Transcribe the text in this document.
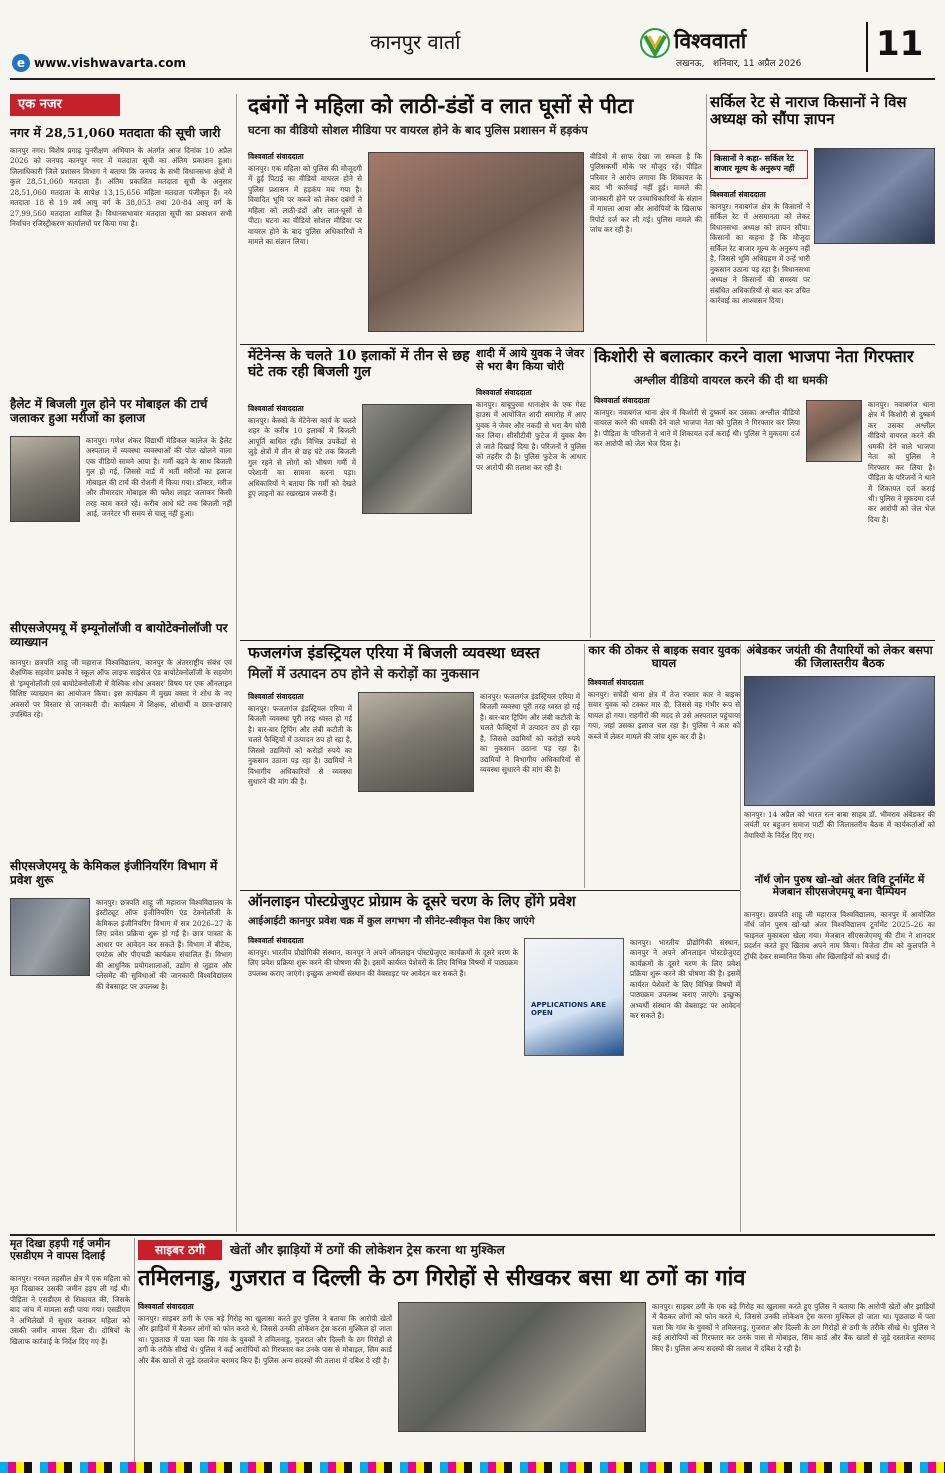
e www.vishwavarta.com
कानपुर वार्ता	विश्ववार्ता
लखनऊ,   शनिवार, 11 अप्रैल 2026 11
एक नजर
नगर में 28,51,060 मतदाता की सूची जारी
कानपुर नगर। विशेष प्रगाढ़ पुनरीक्षण अभियान के अंतर्गत आज दिनांक 10 अप्रैल 2026 को जनपद कानपुर नगर में मतदाता सूची का अंतिम प्रकाशन हुआ। जिलाधिकारी जिले प्रशासन विभाग ने बताया कि जनपद के सभी विधानसभा क्षेत्रों में कुल 28,51,060 मतदाता हैं। अंतिम प्रकाशित मतदाता सूची के अनुसार 28,51,060 मतदाता के सापेक्ष 13,15,656 महिला मतदाता पंजीकृत हैं। नये मतदाता 18 से 19 वर्ष आयु वर्ग के 38,053 तथा 20-84 आयु वर्ग के 27,99,560 मतदाता शामिल हैं। विधानसभावार मतदाता सूची का प्रकाशन सभी निर्वाचन रजिस्ट्रीकरण कार्यालयों पर किया गया है।
हैलेट में बिजली गुल होने पर मोबाइल की टार्च जलाकर हुआ मरीजों का इलाज
कानपुर। गणेश शंकर विद्यार्थी मेडिकल कालेज के हैलेट अस्पताल में व्यवस्था व्यवस्थाओं की पोल खोलने वाला एक वीडियो सामने आया है। गर्मी बढ़ने के साथ बिजली गुल हो गई, जिससे वार्ड में भर्ती मरीजों का इलाज मोबाइल की टार्च की रोशनी में किया गया। डॉक्टर, मरीज और तीमारदार मोबाइल की फ्लैश लाइट जलाकर किसी तरह काम करते रहे। करीब आधे घंटे तक बिजली नहीं आई, जनरेटर भी समय से चालू नहीं हुआ।
सीएसजेएमयू में इम्यूनोलॉजी व बायोटेक्नोलॉजी पर व्याख्यान
कानपुर। छत्रपति शाहू जी महाराज विश्वविद्यालय, कानपुर के अंतरराष्ट्रीय संबंध एवं शैक्षणिक सहयोग प्रकोष्ठ ने स्कूल ऑफ लाइफ साइंसेज एंड बायोटेक्नोलॉजी के सहयोग से 'इम्यूनोलॉजी एवं बायोटेक्नोलॉजी में वैश्विक शोध अवसर' विषय पर एक ऑनलाइन विशिष्ट व्याख्यान का आयोजन किया। इस कार्यक्रम में मुख्य वक्ता ने शोध के नए अवसरों पर विस्तार से जानकारी दी। कार्यक्रम में शिक्षक, शोधार्थी व छात्र-छात्राएं उपस्थित रहे।
सीएसजेएमयू के केमिकल इंजीनियरिंग विभाग में प्रवेश शुरू
कानपुर। छत्रपति शाहू जी महाराज विश्वविद्यालय के इंस्टीट्यूट ऑफ इंजीनियरिंग एंड टेक्नोलॉजी के केमिकल इंजीनियरिंग विभाग में सत्र 2026–27 के लिए प्रवेश प्रक्रिया शुरू हो गई है। छात्र पात्रता के आधार पर आवेदन कर सकते हैं। विभाग में बीटेक, एमटेक और पीएचडी कार्यक्रम संचालित हैं। विभाग की आधुनिक प्रयोगशालाओं, उद्योग से जुड़ाव और प्लेसमेंट की सुविधाओं की जानकारी विश्वविद्यालय की वेबसाइट पर उपलब्ध है।
दबंगों ने महिला को लाठी-डंडों व लात घूसों से पीटा
घटना का वीडियो सोशल मीडिया पर वायरल होने के बाद पुलिस प्रशासन में हड़कंप
विश्ववार्ता संवाददाता
कानपुर। एक महिला को पुलिस की मौजूदगी में हुई पिटाई का वीडियो वायरल होने से पुलिस प्रशासन में हड़कंप मच गया है। विवादित भूमि पर कब्जे को लेकर दबंगों ने महिला को लाठी-डंडों और लात-घूसों से पीटा। घटना का वीडियो सोशल मीडिया पर वायरल होने के बाद पुलिस अधिकारियों ने मामले का संज्ञान लिया।
वीडियो में साफ देखा जा सकता है कि पुलिसकर्मी मौके पर मौजूद रहे। पीड़ित परिवार ने आरोप लगाया कि शिकायत के बाद भी कार्रवाई नहीं हुई। मामले की जानकारी होने पर उच्चाधिकारियों के संज्ञान में मामला आया और आरोपियों के खिलाफ रिपोर्ट दर्ज कर ली गई। पुलिस मामले की जांच कर रही है।
सर्किल रेट से नाराज किसानों ने विस अध्यक्ष को सौंपा ज्ञापन
किसानों ने कहा- सर्किल रेट बाजार मूल्य के अनुरूप नहीं
विश्ववार्ता संवाददाता
कानपुर। नवाबगंज क्षेत्र के किसानों ने सर्किल रेट में असमानता को लेकर विधानसभा अध्यक्ष को ज्ञापन सौंपा। किसानों का कहना है कि मौजूदा सर्किल रेट बाजार मूल्य के अनुरूप नहीं है, जिससे भूमि अधिग्रहण में उन्हें भारी नुकसान उठाना पड़ रहा है। विधानसभा अध्यक्ष ने किसानों की समस्या पर संबंधित अधिकारियों से बात कर उचित कार्रवाई का आश्वासन दिया।
मेंटेनेन्स के चलते 10 इलाकों में तीन से छह घंटे तक रही बिजली गुल
विश्ववार्ता संवाददाता
कानपुर। केस्को के मेंटेनेन्स कार्य के चलते शहर के करीब 10 इलाकों में बिजली आपूर्ति बाधित रही। विभिन्न उपकेंद्रों से जुड़े क्षेत्रों में तीन से छह घंटे तक बिजली गुल रहने से लोगों को भीषण गर्मी में परेशानी का सामना करना पड़ा। अधिकारियों ने बताया कि गर्मी को देखते हुए लाइनों का रखरखाव जरूरी है।
शादी में आये युवक ने जेवर से भरा बैग किया चोरी
विश्ववार्ता संवाददाता
कानपुर। बाबूपुरवा थानाक्षेत्र के एक गेस्ट हाउस में आयोजित शादी समारोह में आए युवक ने जेवर और नकदी से भरा बैग चोरी कर लिया। सीसीटीवी फुटेज में युवक बैग ले जाते दिखाई दिया है। परिजनों ने पुलिस को तहरीर दी है। पुलिस फुटेज के आधार पर आरोपी की तलाश कर रही है।
किशोरी से बलात्कार करने वाला भाजपा नेता गिरफ्तार
अश्लील वीडियो वायरल करने की दी था धमकी
विश्ववार्ता संवाददाता
कानपुर। नवाबगंज थाना क्षेत्र में किशोरी से दुष्कर्म कर उसका अश्लील वीडियो वायरल करने की धमकी देने वाले भाजपा नेता को पुलिस ने गिरफ्तार कर लिया है। पीड़िता के परिजनों ने थाने में शिकायत दर्ज कराई थी। पुलिस ने मुकदमा दर्ज कर आरोपी को जेल भेज दिया है।
कानपुर। नवाबगंज थाना क्षेत्र में किशोरी से दुष्कर्म कर उसका अश्लील वीडियो वायरल करने की धमकी देने वाले भाजपा नेता को पुलिस ने गिरफ्तार कर लिया है। पीड़िता के परिजनों ने थाने में शिकायत दर्ज कराई थी। पुलिस ने मुकदमा दर्ज कर आरोपी को जेल भेज दिया है।
फजलगंज इंडस्ट्रियल एरिया में बिजली व्यवस्था ध्वस्त
मिलों में उत्पादन ठप होने से करोड़ों का नुकसान
विश्ववार्ता संवाददाता
कानपुर। फजलगंज इंडस्ट्रियल एरिया में बिजली व्यवस्था पूरी तरह ध्वस्त हो गई है। बार-बार ट्रिपिंग और लंबी कटौती के चलते फैक्ट्रियों में उत्पादन ठप हो रहा है, जिससे उद्यमियों को करोड़ों रुपये का नुकसान उठाना पड़ रहा है। उद्यमियों ने विभागीय अधिकारियों से व्यवस्था सुधारने की मांग की है।
कानपुर। फजलगंज इंडस्ट्रियल एरिया में बिजली व्यवस्था पूरी तरह ध्वस्त हो गई है। बार-बार ट्रिपिंग और लंबी कटौती के चलते फैक्ट्रियों में उत्पादन ठप हो रहा है, जिससे उद्यमियों को करोड़ों रुपये का नुकसान उठाना पड़ रहा है। उद्यमियों ने विभागीय अधिकारियों से व्यवस्था सुधारने की मांग की है।
कार की ठोकर से बाइक सवार युवक घायल
विश्ववार्ता संवाददाता
कानपुर। सचेंडी थाना क्षेत्र में तेज रफ्तार कार ने बाइक सवार युवक को टक्कर मार दी, जिससे वह गंभीर रूप से घायल हो गया। राहगीरों की मदद से उसे अस्पताल पहुंचाया गया, जहां उसका इलाज चल रहा है। पुलिस ने कार को कब्जे में लेकर मामले की जांच शुरू कर दी है।
अंबेडकर जयंती की तैयारियों को लेकर बसपा की जिलास्तरीय बैठक
कानपुर। 14 अप्रैल को भारत रत्न बाबा साहब डॉ. भीमराव अंबेडकर की जयंती पर बहुजन समाज पार्टी की जिलास्तरीय बैठक में कार्यकर्ताओं को तैयारियों के निर्देश दिए गए।
नॉर्थ जोन पुरुष खो-खो अंतर विवि टूर्नामेंट में मेजबान सीएसजेएमयू बना चैम्पियन
कानपुर। छत्रपति शाहू जी महाराज विश्वविद्यालय, कानपुर में आयोजित नॉर्थ जोन पुरुष खो-खो अंतर विश्वविद्यालय टूर्नामेंट 2025–26 का फाइनल मुकाबला खेला गया। मेजबान सीएसजेएमयू की टीम ने शानदार प्रदर्शन करते हुए खिताब अपने नाम किया। विजेता टीम को कुलपति ने ट्रॉफी देकर सम्मानित किया और खिलाड़ियों को बधाई दी।
ऑनलाइन पोस्टग्रेजुएट प्रोग्राम के दूसरे चरण के लिए होंगे प्रवेश
आईआईटी कानपुर प्रवेश चक्र में कुल लगभग नौ सीनेट-स्वीकृत पेश किए जाएंगे
विश्ववार्ता संवाददाता
कानपुर। भारतीय प्रौद्योगिकी संस्थान, कानपुर ने अपने ऑनलाइन पोस्टग्रेजुएट कार्यक्रमों के दूसरे चरण के लिए प्रवेश प्रक्रिया शुरू करने की घोषणा की है। इसमें कार्यरत पेशेवरों के लिए विभिन्न विषयों में पाठ्यक्रम उपलब्ध कराए जाएंगे। इच्छुक अभ्यर्थी संस्थान की वेबसाइट पर आवेदन कर सकते हैं।
APPLICATIONS ARE OPEN
कानपुर। भारतीय प्रौद्योगिकी संस्थान, कानपुर ने अपने ऑनलाइन पोस्टग्रेजुएट कार्यक्रमों के दूसरे चरण के लिए प्रवेश प्रक्रिया शुरू करने की घोषणा की है। इसमें कार्यरत पेशेवरों के लिए विभिन्न विषयों में पाठ्यक्रम उपलब्ध कराए जाएंगे। इच्छुक अभ्यर्थी संस्थान की वेबसाइट पर आवेदन कर सकते हैं।
मृत दिखा हड़पी गई जमीन एसडीएम ने वापस दिलाई
कानपुर। नरवल तहसील क्षेत्र में एक महिला को मृत दिखाकर उसकी जमीन हड़प ली गई थी। पीड़िता ने एसडीएम से शिकायत की, जिसके बाद जांच में मामला सही पाया गया। एसडीएम ने अभिलेखों में सुधार कराकर महिला को उसकी जमीन वापस दिला दी। दोषियों के खिलाफ कार्रवाई के निर्देश दिए गए हैं।
साइबर ठगी	खेतों और झाड़ियों में ठगों की लोकेशन ट्रेस करना था मुश्किल
तमिलनाडु, गुजरात व दिल्ली के ठग गिरोहों से सीखकर बसा था ठगों का गांव
विश्ववार्ता संवाददाता
कानपुर। साइबर ठगी के एक बड़े गिरोह का खुलासा करते हुए पुलिस ने बताया कि आरोपी खेतों और झाड़ियों में बैठकर लोगों को फोन करते थे, जिससे उनकी लोकेशन ट्रेस करना मुश्किल हो जाता था। पूछताछ में पता चला कि गांव के युवकों ने तमिलनाडु, गुजरात और दिल्ली के ठग गिरोहों से ठगी के तरीके सीखे थे। पुलिस ने कई आरोपियों को गिरफ्तार कर उनके पास से मोबाइल, सिम कार्ड और बैंक खातों से जुड़े दस्तावेज बरामद किए हैं। पुलिस अन्य सदस्यों की तलाश में दबिश दे रही है।
कानपुर। साइबर ठगी के एक बड़े गिरोह का खुलासा करते हुए पुलिस ने बताया कि आरोपी खेतों और झाड़ियों में बैठकर लोगों को फोन करते थे, जिससे उनकी लोकेशन ट्रेस करना मुश्किल हो जाता था। पूछताछ में पता चला कि गांव के युवकों ने तमिलनाडु, गुजरात और दिल्ली के ठग गिरोहों से ठगी के तरीके सीखे थे। पुलिस ने कई आरोपियों को गिरफ्तार कर उनके पास से मोबाइल, सिम कार्ड और बैंक खातों से जुड़े दस्तावेज बरामद किए हैं। पुलिस अन्य सदस्यों की तलाश में दबिश दे रही है।
